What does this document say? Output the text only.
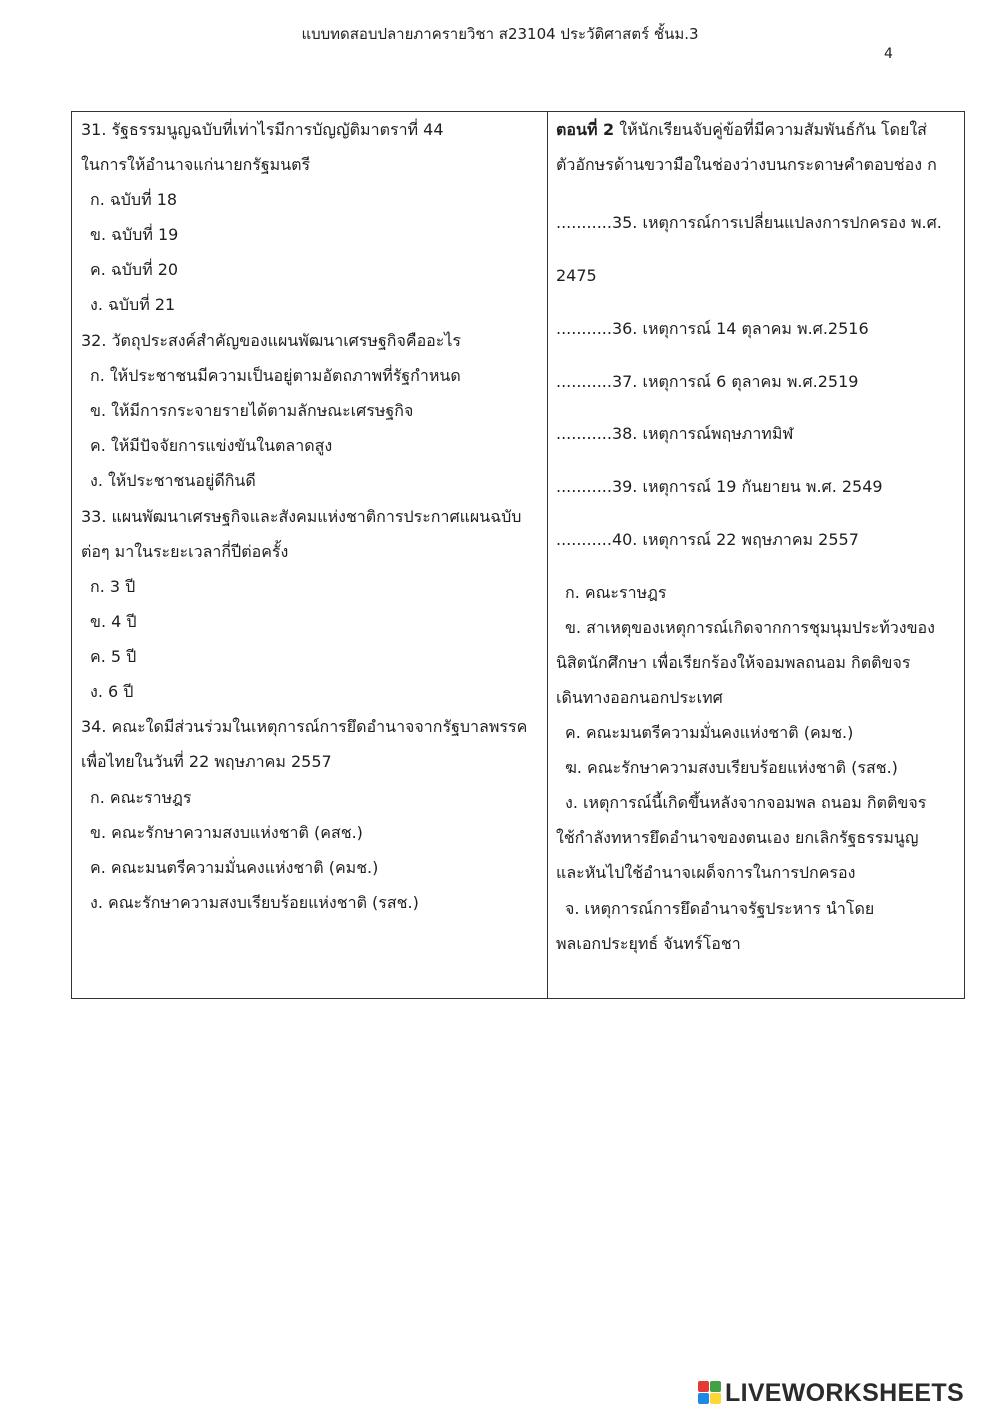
แบบทดสอบปลายภาครายวิชา ส23104 ประวัติศาสตร์ ชั้นม.3
4
31. รัฐธรรมนูญฉบับที่เท่าไรมีการบัญญัติมาตราที่ 44
ในการให้อำนาจแก่นายกรัฐมนตรี
ก. ฉบับที่ 18
ข. ฉบับที่ 19
ค. ฉบับที่ 20
ง. ฉบับที่ 21
32. วัตถุประสงค์สำคัญของแผนพัฒนาเศรษฐกิจคืออะไร
ก. ให้ประชาชนมีความเป็นอยู่ตามอัตถภาพที่รัฐกำหนด
ข. ให้มีการกระจายรายได้ตามลักษณะเศรษฐกิจ
ค. ให้มีปัจจัยการแข่งขันในตลาดสูง
ง. ให้ประชาชนอยู่ดีกินดี
33. แผนพัฒนาเศรษฐกิจและสังคมแห่งชาติการประกาศแผนฉบับ
ต่อๆ มาในระยะเวลากี่ปีต่อครั้ง
ก. 3 ปี
ข. 4 ปี
ค. 5 ปี
ง. 6 ปี
34. คณะใดมีส่วนร่วมในเหตุการณ์การยึดอำนาจจากรัฐบาลพรรค
เพื่อไทยในวันที่ 22 พฤษภาคม 2557
ก. คณะราษฎร
ข. คณะรักษาความสงบแห่งชาติ (คสช.)
ค. คณะมนตรีความมั่นคงแห่งชาติ (คมช.)
ง. คณะรักษาความสงบเรียบร้อยแห่งชาติ (รสช.)
ตอนที่ 2 ให้นักเรียนจับคู่ข้อที่มีความสัมพันธ์กัน โดยใส่
ตัวอักษรด้านขวามือในช่องว่างบนกระดาษคำตอบช่อง ก
...........35. เหตุการณ์การเปลี่ยนแปลงการปกครอง พ.ศ.
2475
...........36. เหตุการณ์ 14 ตุลาคม พ.ศ.2516
...........37. เหตุการณ์ 6 ตุลาคม พ.ศ.2519
...........38. เหตุการณ์พฤษภาทมิฬ
...........39. เหตุการณ์ 19 กันยายน พ.ศ. 2549
...........40. เหตุการณ์ 22 พฤษภาคม 2557
ก. คณะราษฎร
ข. สาเหตุของเหตุการณ์เกิดจากการชุมนุมประท้วงของ
นิสิตนักศึกษา เพื่อเรียกร้องให้จอมพลถนอม กิตติขจร
เดินทางออกนอกประเทศ
ค. คณะมนตรีความมั่นคงแห่งชาติ (คมช.)
ฆ. คณะรักษาความสงบเรียบร้อยแห่งชาติ (รสช.)
ง. เหตุการณ์นี้เกิดขึ้นหลังจากจอมพล ถนอม กิตติขจร
ใช้กำลังทหารยึดอำนาจของตนเอง ยกเลิกรัฐธรรมนูญ
และหันไปใช้อำนาจเผด็จการในการปกครอง
จ. เหตุการณ์การยึดอำนาจรัฐประหาร นำโดย
พลเอกประยุทธ์ จันทร์โอชา
LIVEWORKSHEETS
